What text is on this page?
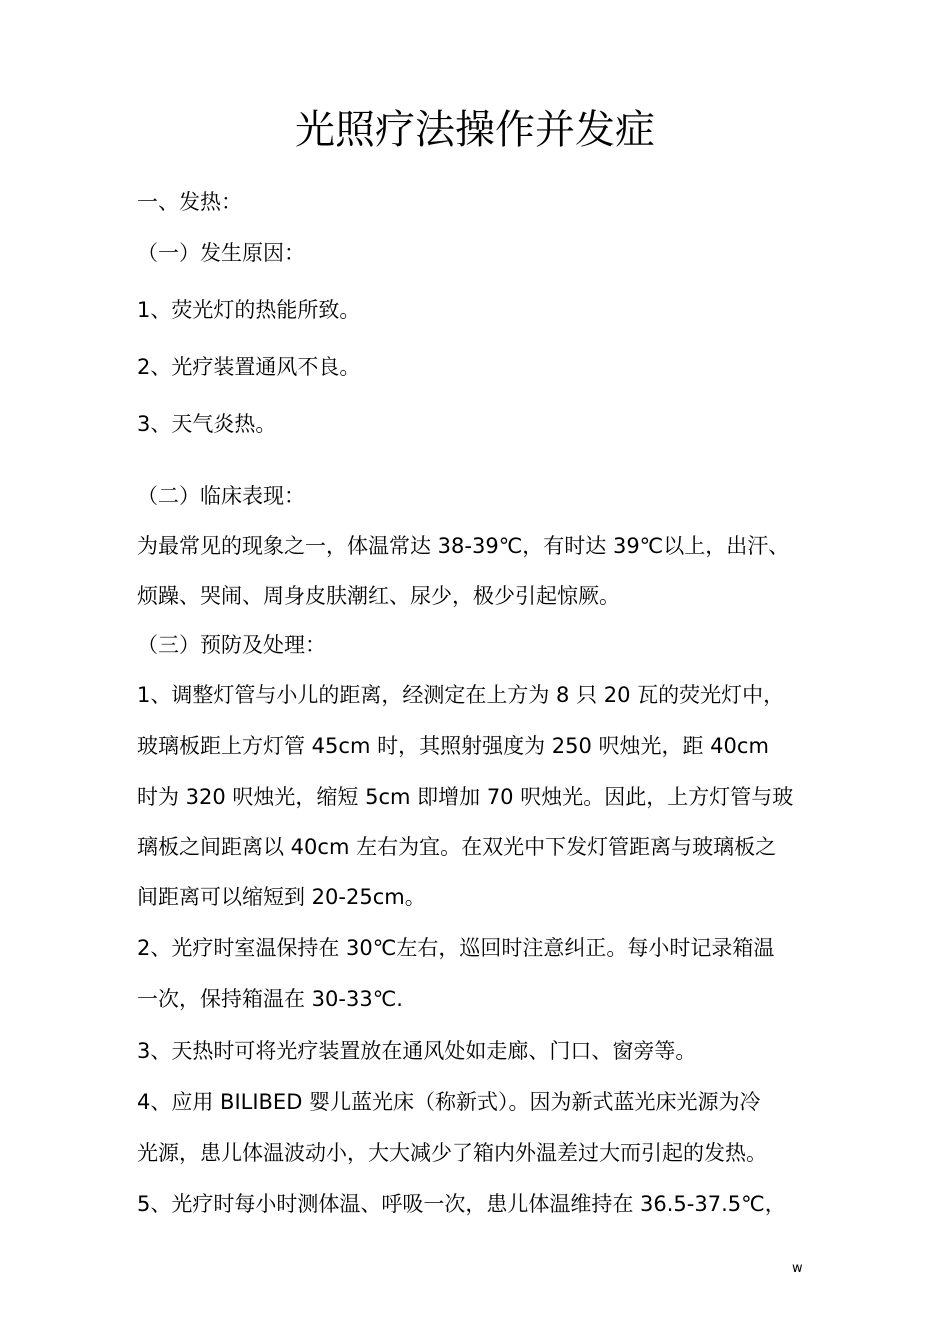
光照疗法操作并发症
一、发热：
（一）发生原因：
1、荧光灯的热能所致。
2、光疗装置通风不良。
3、天气炎热。
（二）临床表现：
为最常见的现象之一，体温常达 38-39℃，有时达 39℃以上，出汗、
烦躁、哭闹、周身皮肤潮红、尿少，极少引起惊厥。
（三）预防及处理：
1、调整灯管与小儿的距离，经测定在上方为 8 只 20 瓦的荧光灯中，
玻璃板距上方灯管 45cm 时，其照射强度为 250 呎烛光，距 40cm
时为 320 呎烛光，缩短 5cm 即增加 70 呎烛光。因此，上方灯管与玻
璃板之间距离以 40cm 左右为宜。在双光中下发灯管距离与玻璃板之
间距离可以缩短到 20-25cm。
2、光疗时室温保持在 30℃左右，巡回时注意纠正。每小时记录箱温
一次，保持箱温在 30-33℃.
3、天热时可将光疗装置放在通风处如走廊、门口、窗旁等。
4、应用 BILIBED 婴儿蓝光床（称新式）。因为新式蓝光床光源为冷
光源，患儿体温波动小，大大减少了箱内外温差过大而引起的发热。
5、光疗时每小时测体温、呼吸一次，患儿体温维持在 36.5-37.5℃，
w
